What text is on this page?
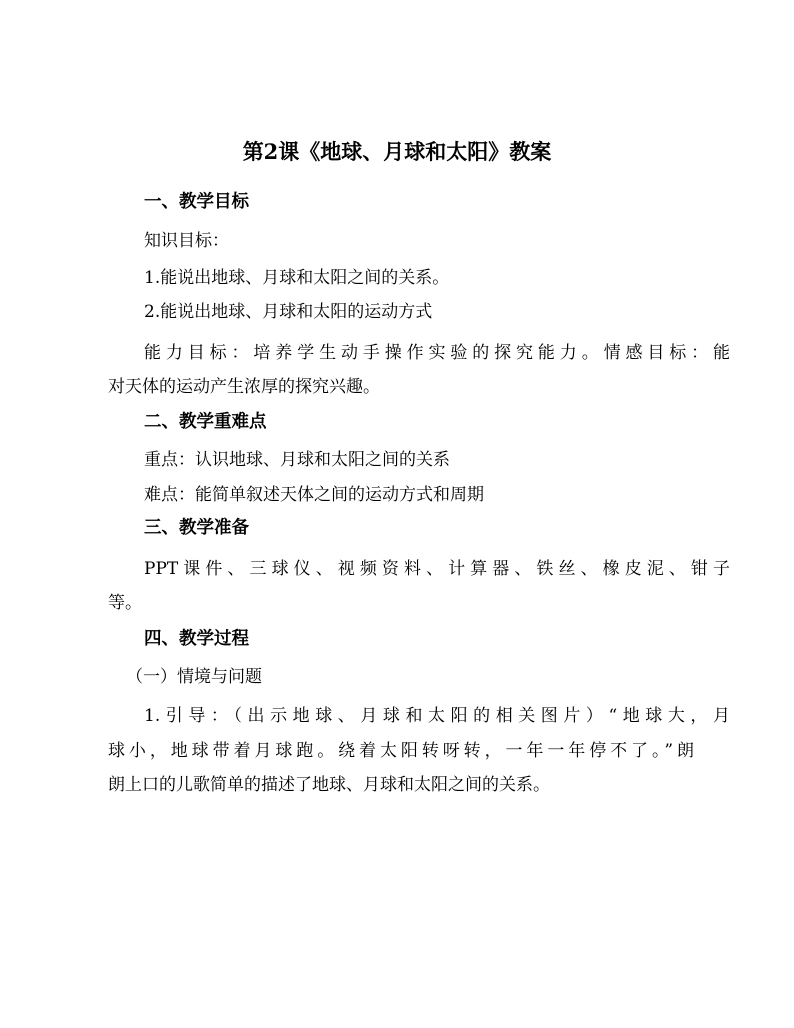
第2课《地球、月球和太阳》教案
一、教学目标
知识目标：
1.能说出地球、月球和太阳之间的关系。
2.能说出地球、月球和太阳的运动方式
能力目标：培养学生动手操作实验的探究能力。情感目标：能
对天体的运动产生浓厚的探究兴趣。
二、教学重难点
重点：认识地球、月球和太阳之间的关系
难点：能简单叙述天体之间的运动方式和周期
三、教学准备
PPT课件、三球仪、视频资料、计算器、铁丝、橡皮泥、钳子
等。
四、教学过程
（一）情境与问题
1.引导：（出示地球、月球和太阳的相关图片）“地球大，月
球小，地球带着月球跑。绕着太阳转呀转，一年一年停不了。”朗
朗上口的儿歌简单的描述了地球、月球和太阳之间的关系。
